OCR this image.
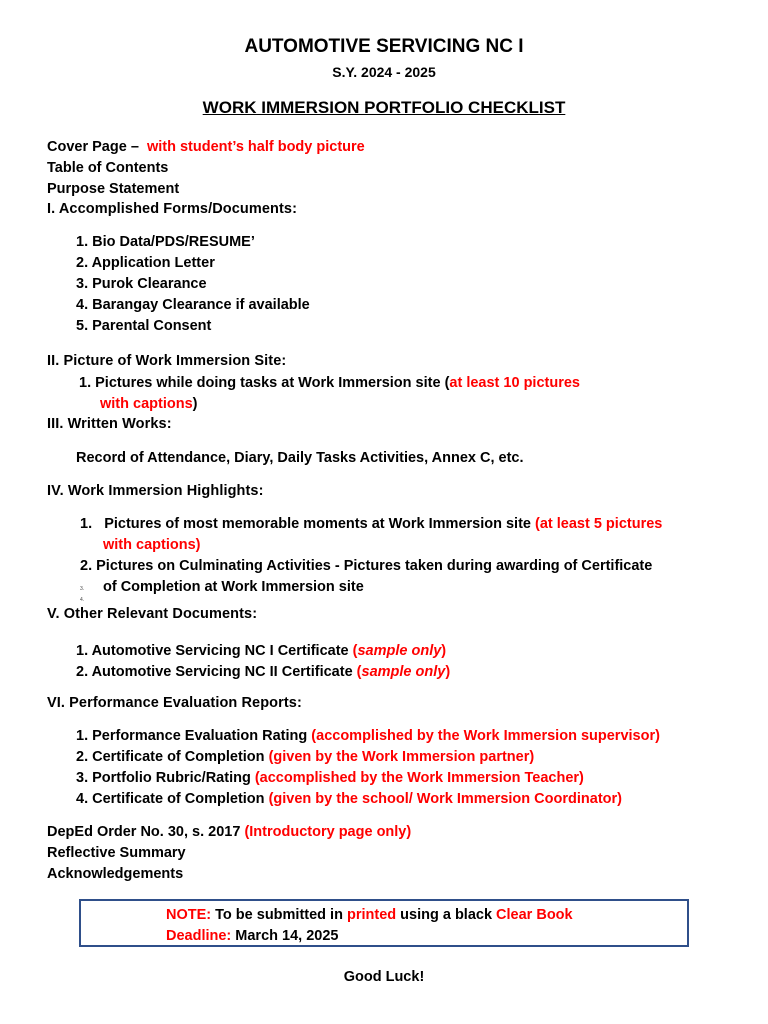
AUTOMOTIVE SERVICING NC I
S.Y. 2024 - 2025
WORK IMMERSION PORTFOLIO CHECKLIST
Cover Page – with student’s half body picture
Table of Contents
Purpose Statement
I. Accomplished Forms/Documents:
1. Bio Data/PDS/RESUME’
2. Application Letter
3. Purok Clearance
4. Barangay Clearance if available
5. Parental Consent
II. Picture of Work Immersion Site:
1. Pictures while doing tasks at Work Immersion site (at least 10 pictures
with captions)
III. Written Works:
Record of Attendance, Diary, Daily Tasks Activities, Annex C, etc.
IV. Work Immersion Highlights:
1. Pictures of most memorable moments at Work Immersion site (at least 5 pictures
with captions)
2. Pictures on Culminating Activities - Pictures taken during awarding of Certificate
3. of Completion at Work Immersion site
4.
V. Other Relevant Documents:
1. Automotive Servicing NC I Certificate (sample only)
2. Automotive Servicing NC II Certificate (sample only)
VI. Performance Evaluation Reports:
1. Performance Evaluation Rating (accomplished by the Work Immersion supervisor)
2. Certificate of Completion (given by the Work Immersion partner)
3. Portfolio Rubric/Rating (accomplished by the Work Immersion Teacher)
4. Certificate of Completion (given by the school/ Work Immersion Coordinator)
DepEd Order No. 30, s. 2017 (Introductory page only)
Reflective Summary
Acknowledgements
NOTE: To be submitted in printed using a black Clear Book
Deadline: March 14, 2025
Good Luck!
